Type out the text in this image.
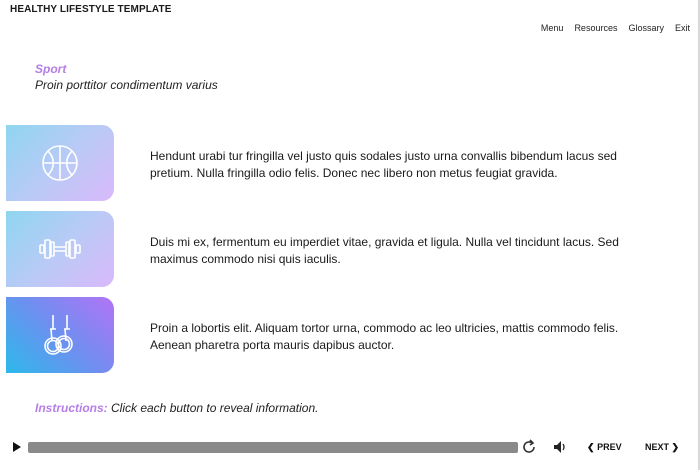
HEALTHY LIFESTYLE TEMPLATE
Menu Resources Glossary Exit
Sport
Proin porttitor condimentum varius
Hendunt urabi tur fringilla vel justo quis sodales justo urna convallis bibendum lacus sed pretium. Nulla fringilla odio felis. Donec nec libero non metus feugiat gravida.
Duis mi ex, fermentum eu imperdiet vitae, gravida et ligula. Nulla vel tincidunt lacus. Sed maximus commodo nisi quis iaculis.
Proin a lobortis elit. Aliquam tortor urna, commodo ac leo ultricies, mattis commodo felis. Aenean pharetra porta mauris dapibus auctor.
Instructions: Click each button to reveal information.
❮ PREV	NEXT ❯
